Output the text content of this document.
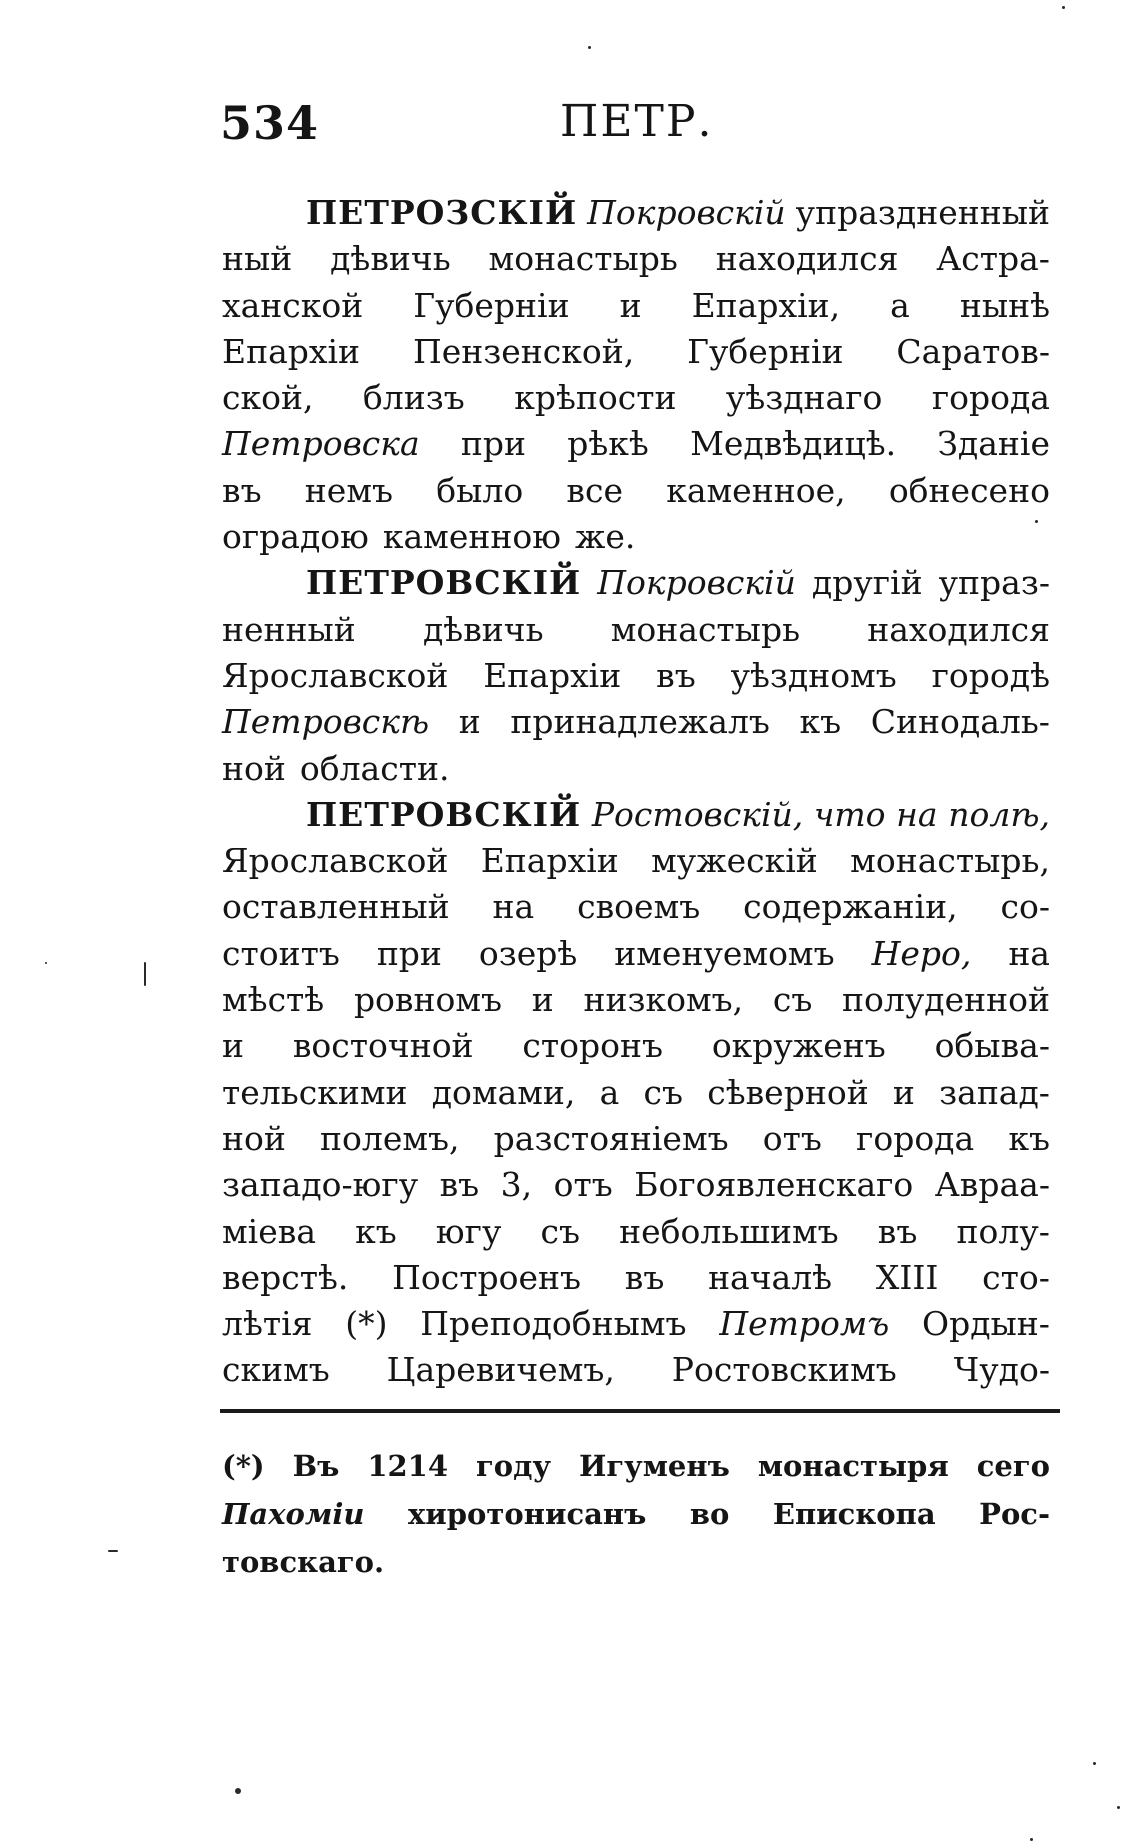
534	ПЕТР.
ПЕТРОЗСКІЙ Покровскій упраздненный
ный дѣвичь монастырь находился Астра-
ханской Губерніи и Епархіи, а нынѣ
Епархіи Пензенской, Губерніи Саратов-
ской, близъ крѣпости уѣзднаго города
Петровска при рѣкѣ Медвѣдицѣ. Зданіе
въ немъ было все каменное, обнесено
оградою каменною же.
ПЕТРОВСКІЙ Покровскій другій упраз-
ненный дѣвичь монастырь находился
Ярославской Епархіи въ уѣздномъ городѣ
Петровскѣ и принадлежалъ къ Синодаль-
ной области.
ПЕТРОВСКІЙ Ростовскій, что на полѣ,
Ярославской Епархіи мужескій монастырь,
оставленный на своемъ содержаніи, со-
стоитъ при озерѣ именуемомъ Неро, на
мѣстѣ ровномъ и низкомъ, съ полуденной
и восточной сторонъ окруженъ обыва-
тельскими домами, а съ сѣверной и запад-
ной полемъ, разстояніемъ отъ города къ
западо-югу въ 3, отъ Богоявленскаго Авраа-
міева къ югу съ небольшимъ въ полу-
верстѣ. Построенъ въ началѣ XIII сто-
лѣтія (*) Преподобнымъ Петромъ Ордын-
скимъ Царевичемъ, Ростовскимъ Чудо-
(*) Въ 1214 году Игуменъ монастыря сего
Пахоміи хиротонисанъ во Епископа Рос-
товскаго.
